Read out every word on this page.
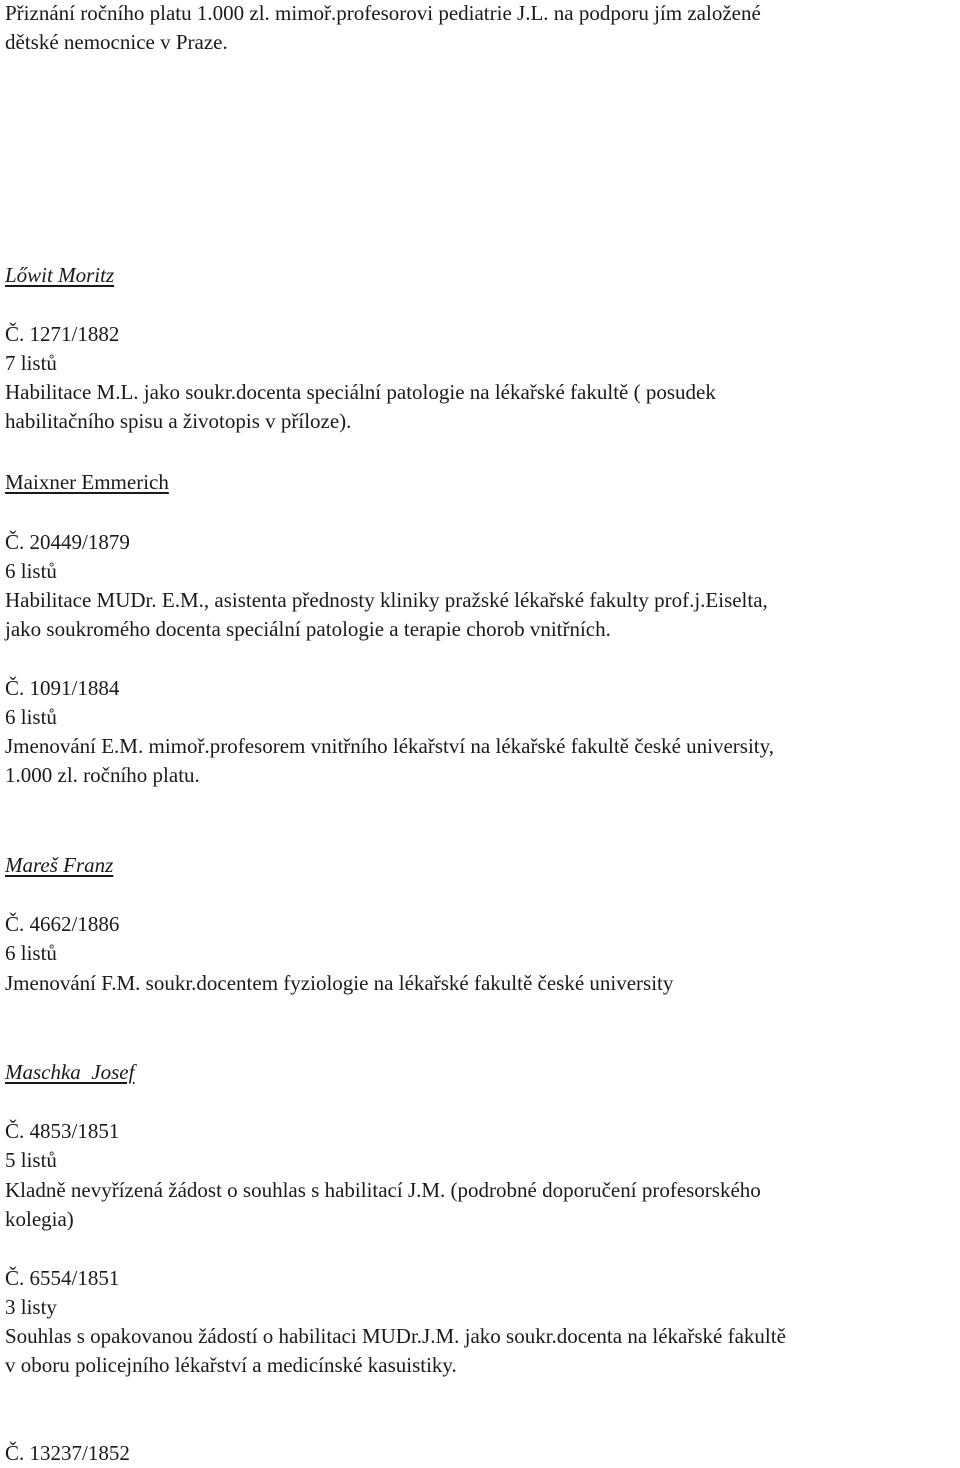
Přiznání ročního platu 1.000 zl. mimoř.profesorovi pediatrie J.L. na podporu jím založené
dětské nemocnice v Praze.
Lőwit Moritz
Č. 1271/1882
7 listů
Habilitace M.L. jako soukr.docenta speciální patologie na lékařské fakultě ( posudek
habilitačního spisu a životopis v příloze).
Maixner Emmerich
Č. 20449/1879
6 listů
Habilitace MUDr. E.M., asistenta přednosty kliniky pražské lékařské fakulty prof.j.Eiselta,
jako soukromého docenta speciální patologie a terapie chorob vnitřních.
Č. 1091/1884
6 listů
Jmenování E.M. mimoř.profesorem vnitřního lékařství na lékařské fakultě české university,
1.000 zl. ročního platu.
Mareš Franz
Č. 4662/1886
6 listů
Jmenování F.M. soukr.docentem fyziologie na lékařské fakultě české university
Maschka  Josef
Č. 4853/1851
5 listů
Kladně nevyřízená žádost o souhlas s habilitací J.M. (podrobné doporučení profesorského
kolegia)
Č. 6554/1851
3 listy
Souhlas s opakovanou žádostí o habilitaci MUDr.J.M. jako soukr.docenta na lékařské fakultě
v oboru policejního lékařství a medicínské kasuistiky.
Č. 13237/1852
